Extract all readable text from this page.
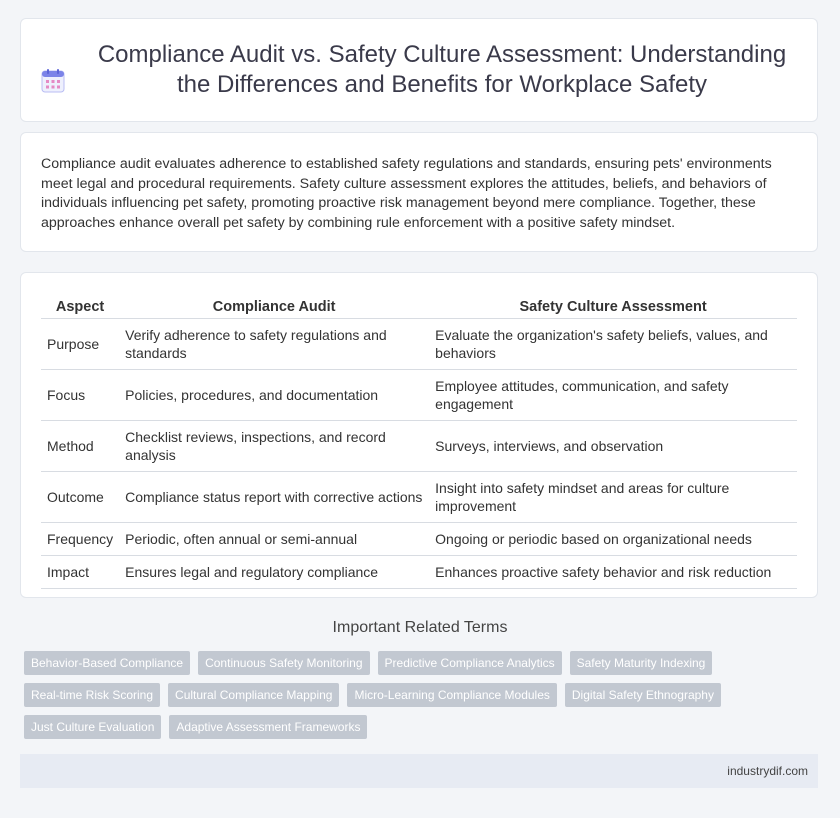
Compliance Audit vs. Safety Culture Assessment: Understanding the Differences and Benefits for Workplace Safety

Compliance audit evaluates adherence to established safety regulations and standards, ensuring pets' environments meet legal and procedural requirements. Safety culture assessment explores the attitudes, beliefs, and behaviors of individuals influencing pet safety, promoting proactive risk management beyond mere compliance. Together, these approaches enhance overall pet safety by combining rule enforcement with a positive safety mindset.

Aspect	Compliance Audit	Safety Culture Assessment
Purpose	Verify adherence to safety regulations and standards	Evaluate the organization's safety beliefs, values, and behaviors
Focus	Policies, procedures, and documentation	Employee attitudes, communication, and safety engagement
Method	Checklist reviews, inspections, and record analysis	Surveys, interviews, and observation
Outcome	Compliance status report with corrective actions	Insight into safety mindset and areas for culture improvement
Frequency	Periodic, often annual or semi-annual	Ongoing or periodic based on organizational needs
Impact	Ensures legal and regulatory compliance	Enhances proactive safety behavior and risk reduction
Important Related Terms
Behavior-Based Compliance	Continuous Safety Monitoring	Predictive Compliance Analytics	Safety Maturity Indexing
Real-time Risk Scoring	Cultural Compliance Mapping	Micro-Learning Compliance Modules	Digital Safety Ethnography
Just Culture Evaluation	Adaptive Assessment Frameworks
industrydif.com
